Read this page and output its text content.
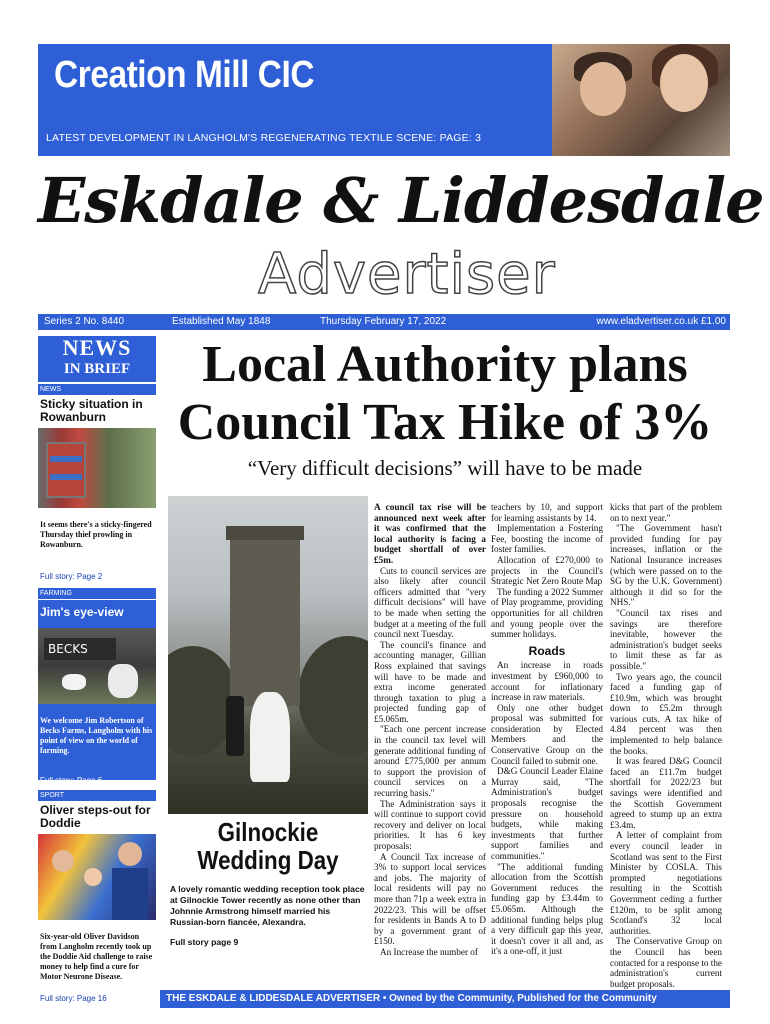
Creation Mill CIC
LATEST DEVELOPMENT IN LANGHOLM'S REGENERATING TEXTILE SCENE: PAGE: 3
Eskdale & Liddesdale
Advertiser
Series 2 No. 8440	Established May 1848	Thursday February 17, 2022	www.eladvertiser.co.uk £1.00
NEWS
IN BRIEF
NEWS
Sticky situation in Rowanburn
It seems there's a sticky-fingered Thursday thief prowling in Rowanburn.
Full story: Page 2
FARMING
Jim's eye-view
BECKS
We welcome Jim Robertson of Becks Farms, Langholm with his point of view on the world of farming.
Full story: Page 6
SPORT
Oliver steps-out for Doddie
Six-year-old Oliver Davidson from Langholm recently took up the Doddie Aid challenge to raise money to help find a cure for Motor Neurone Disease.
Full story: Page 16
Local Authority plans Council Tax Hike of 3%
“Very difficult decisions” will have to be made
Gilnockie Wedding Day
A lovely romantic wedding reception took place at Gilnockie Tower recently as none other than Johnnie Armstrong himself married his Russian-born fiancée, Alexandra.
Full story page 9

A council tax rise will be announced next week after it was confirmed that the local authority is facing a budget shortfall of over £5m.

Cuts to council services are also likely after council officers admitted that "very difficult decisions" will have to be made when setting the budget at a meeting of the full council next Tuesday.

The council's finance and accounting manager, Gillian Ross explained that savings will have to be made and extra income generated through taxation to plug a projected funding gap of £5.065m.

"Each one percent increase in the council tax level will generate additional funding of around £775,000 per annum to support the provision of council services on a recurring basis."

The Administration says it will continue to support covid recovery and deliver on local priorities. It has 6 key proposals:

A Council Tax increase of 3% to support local services and jobs. The majority of local residents will pay no more than 71p a week extra in 2022/23. This will be offset for residents in Bands A to D by a government grant of £150.

An Increase the number of

teachers by 10, and support for learning assistants by 14.

Implementation a Fostering Fee, boosting the income of foster families.

Allocation of £270,000 to projects in the Council's Strategic Net Zero Route Map

The funding a 2022 Summer of Play programme, providing opportunities for all children and young people over the summer holidays.

Roads

An increase in roads investment by £960,000 to account for inflationary increase in raw materials.

Only one other budget proposal was submitted for consideration by Elected Members and the Conservative Group on the Council failed to submit one.

D&G Council Leader Elaine Murray said, "The Administration's budget proposals recognise the pressure on household budgets, while making investments that further support families and communities."

"The additional funding allocation from the Scottish Government reduces the funding gap by £3.44m to £5.065m. Although the additional funding helps plug a very difficult gap this year, it doesn't cover it all and, as it's a one-off, it just

kicks that part of the problem on to next year."

"The Government hasn't provided funding for pay increases, inflation or the National Insurance increases (which were passed on to the SG by the U.K. Government) although it did so for the NHS."

"Council tax rises and savings are therefore inevitable, however the administration's budget seeks to limit these as far as possible."

Two years ago, the council faced a funding gap of £10.9m, which was brought down to £5.2m through various cuts. A tax hike of 4.84 percent was then implemented to help balance the books.

It was feared D&G Council faced an £11.7m budget shortfall for 2022/23 but savings were identified and the Scottish Government agreed to stump up an extra £3.4m.

A letter of complaint from every council leader in Scotland was sent to the First Minister by COSLA. This prompted negotiations resulting in the Scottish Government ceding a further £120m, to be split among Scotland's 32 local authorities.

The Conservative Group on the Council has been contacted for a response to the administration's current budget proposals.

THE ESKDALE & LIDDESDALE ADVERTISER • Owned by the Community, Published for the Community
